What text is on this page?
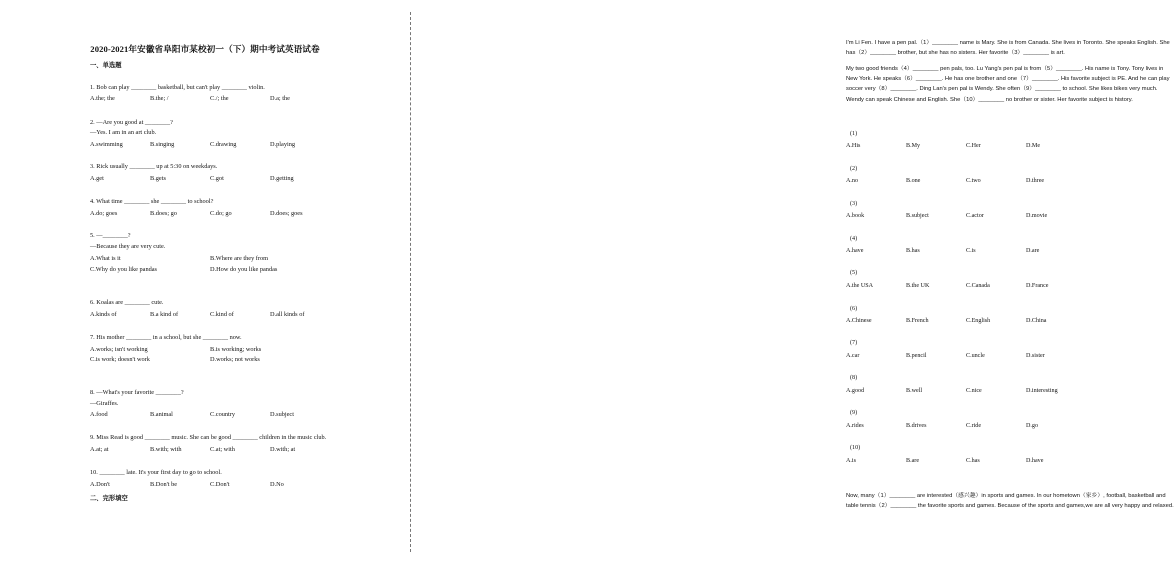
2020-2021年安徽省阜阳市某校初一（下）期中考试英语试卷
一、单选题
1. Bob can play ________ basketball, but can't play ________ violin.
A.the; the	B.the; /	C./; the	D.a; the
2. —Are you good at ________?
—Yes. I am in an art club.
A.swimming	B.singing	C.drawing	D.playing
3. Rick usually ________ up at 5:30 on weekdays.
A.get	B.gets	C.got	D.getting
4. What time ________ she ________ to school?
A.do; goes	B.does; go	C.do; go	D.does; goes
5. —________?
—Because they are very cute.
A.What is it	B.Where are they from
C.Why do you like pandas	D.How do you like pandas
6. Koalas are ________ cute.
A.kinds of	B.a kind of	C.kind of	D.all kinds of
7. His mother ________ in a school, but she ________ now.
A.works; isn't working	B.is working; works
C.is work; doesn't work	D.works; not works
8. —What's your favorite ________?
—Giraffes.
A.food	B.animal	C.country	D.subject
9. Miss Read is good ________ music. She can be good ________ children in the music club.
A.at; at	B.with; with	C.at; with	D.with; at
10. ________ late. It's your first day to go to school.
A.Don't	B.Don't be	C.Don't	D.No
二、完形填空
I'm Li Fen. I have a pen pal.（1）________ name is Mary. She is from Canada. She lives in Toronto. She speaks English. She has（2）________ brother, but she has no sisters. Her favorite（3）________ is art.
My two good friends（4）________ pen pals, too. Lu Yang's pen pal is from（5）________. His name is Tony. Tony lives in New York. He speaks（6）________. He has one brother and one（7）________. His favorite subject is PE. And he can play soccer very（8）________. Ding Lan's pen pal is Wendy. She often（9）________ to school. She likes bikes very much. Wendy can speak Chinese and English. She（10）________ no brother or sister. Her favorite subject is history.
(1)
A.His	B.My	C.Her	D.Me
(2)
A.no	B.one	C.two	D.three
(3)
A.book	B.subject	C.actor	D.movie
(4)
A.have	B.has	C.is	D.are
(5)
A.the USA	B.the UK	C.Canada	D.France
(6)
A.Chinese	B.French	C.English	D.China
(7)
A.car	B.pencil	C.uncle	D.sister
(8)
A.good	B.well	C.nice	D.interesting
(9)
A.rides	B.drives	C.ride	D.go
(10)
A.is	B.are	C.has	D.have
Now, many（1）________ are interested（感兴趣）in sports and games. In our hometown（家乡）, football, basketball and table tennis（2）________ the favorite sports and games. Because of the sports and games,we are all very happy and relaxed.
